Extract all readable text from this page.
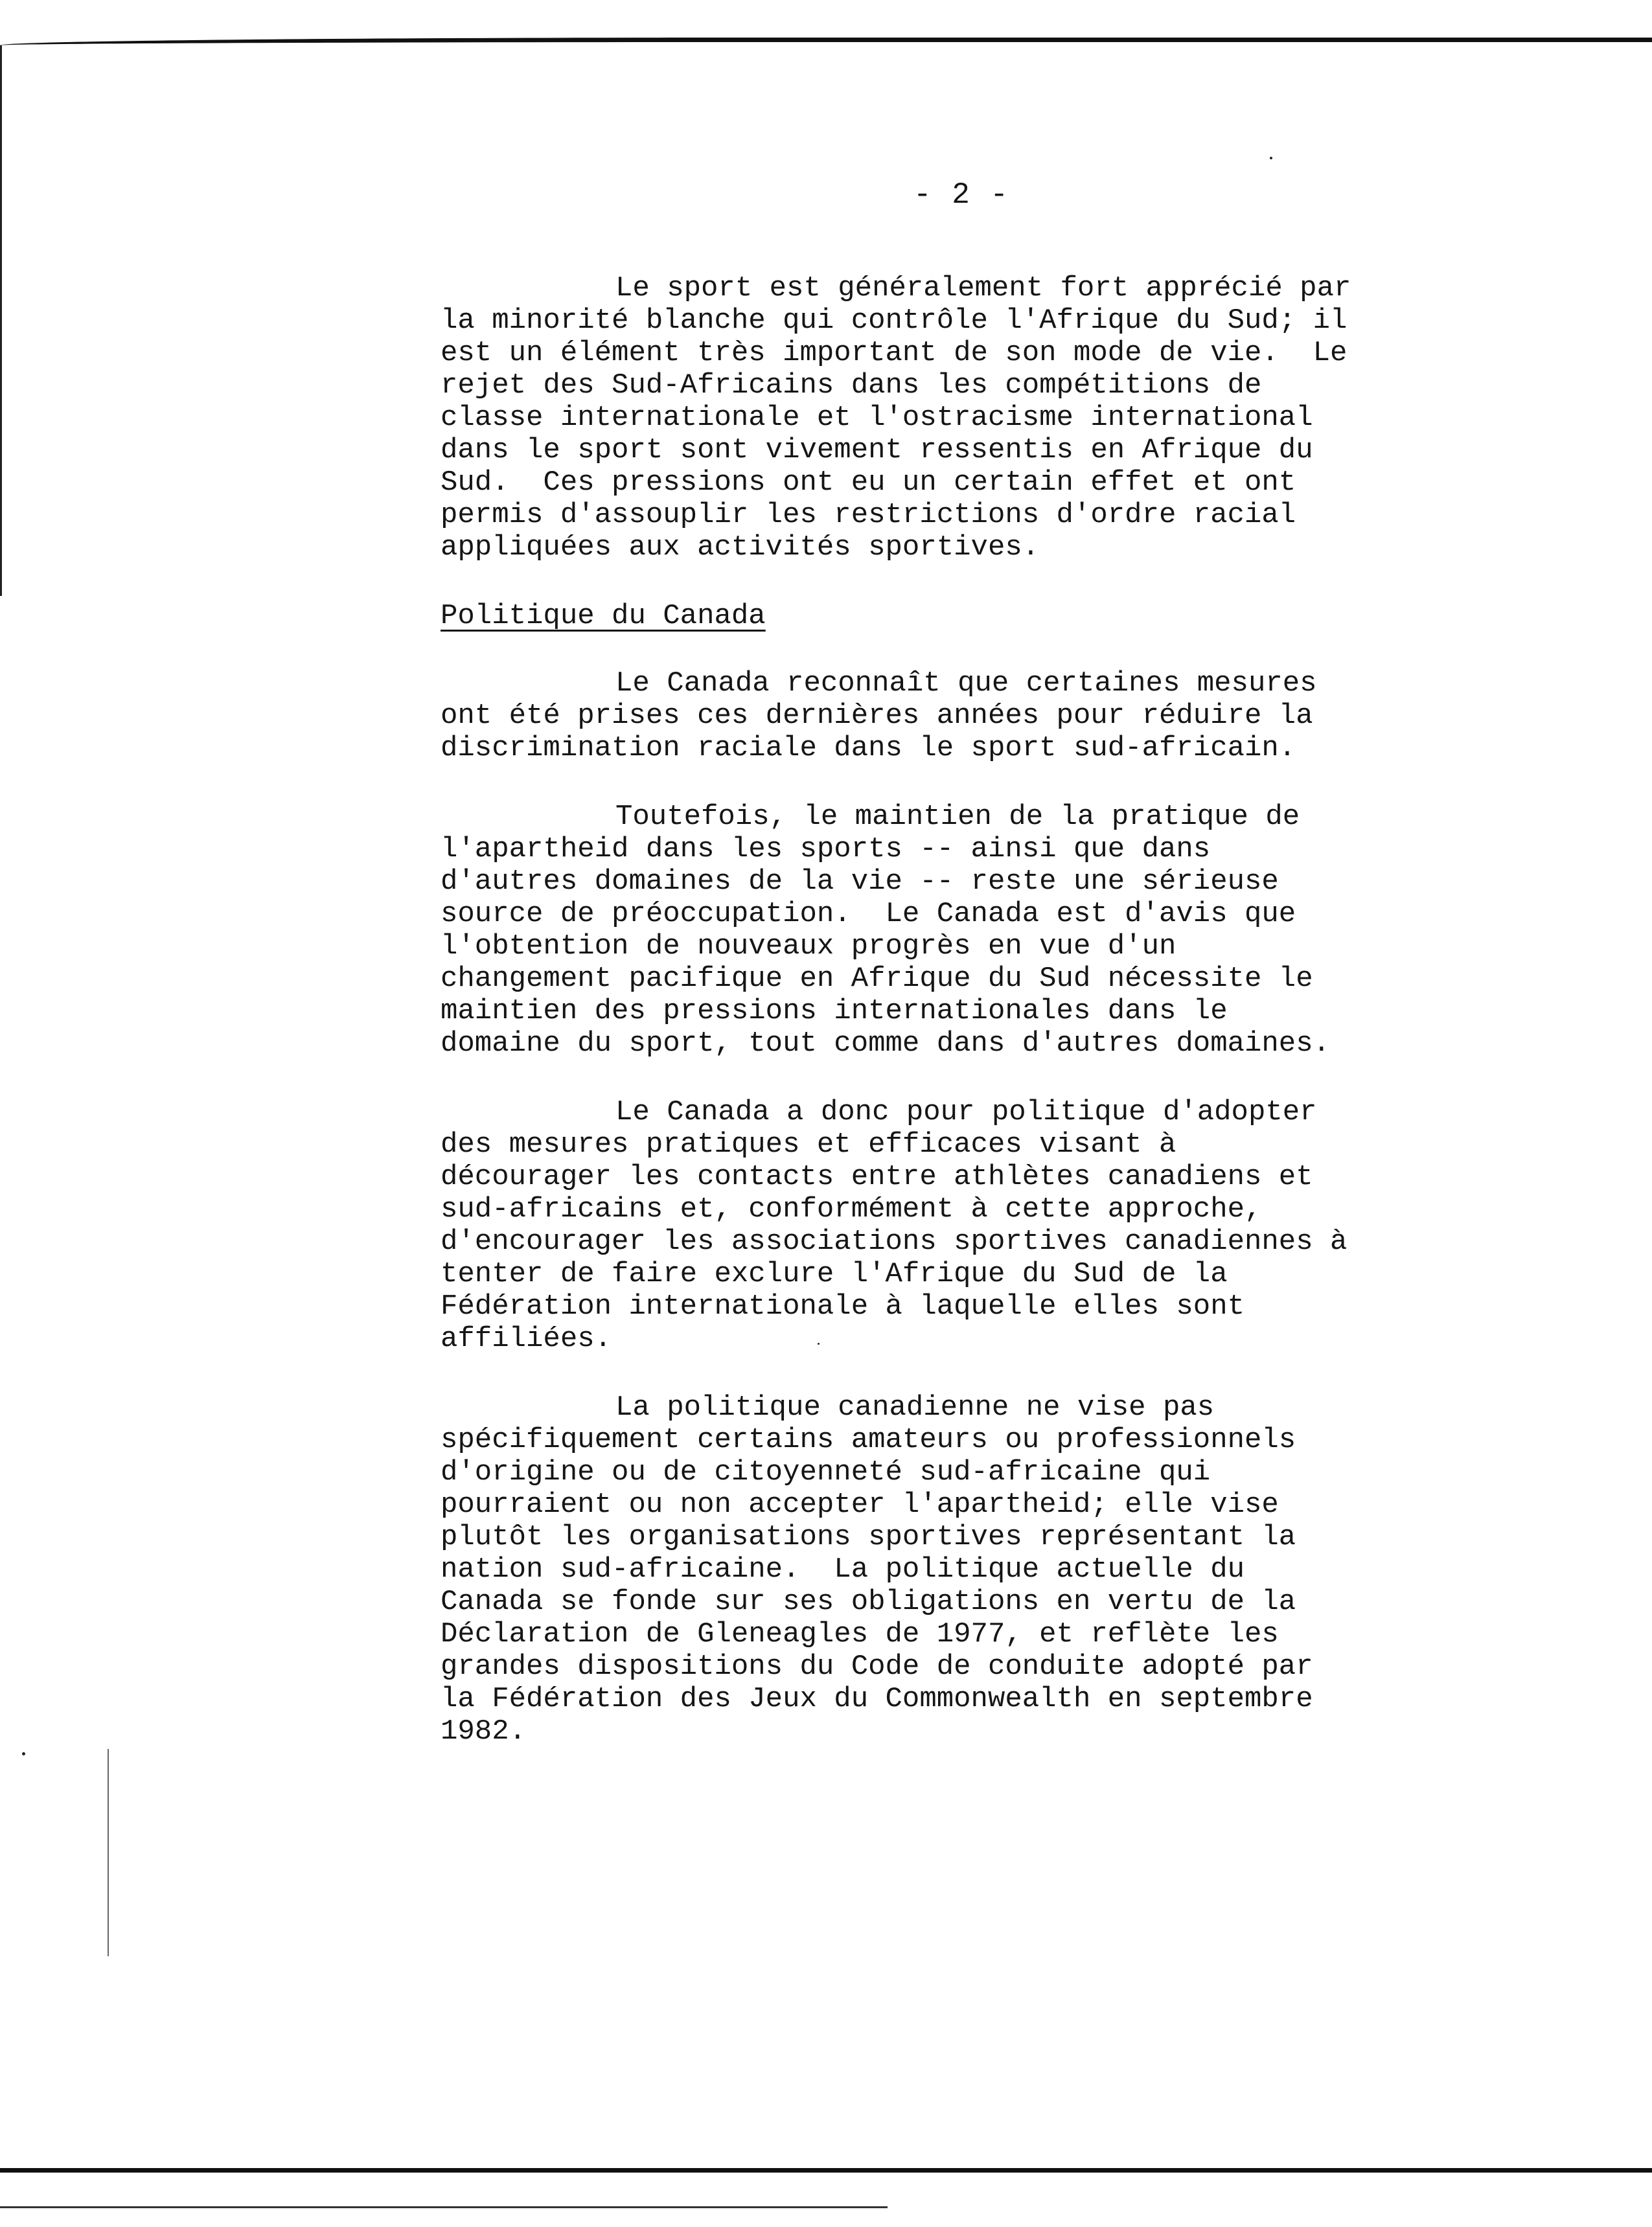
- 2 -
Le sport est généralement fort apprécié par
la minorité blanche qui contrôle l'Afrique du Sud; il
est un élément très important de son mode de vie.  Le
rejet des Sud-Africains dans les compétitions de
classe internationale et l'ostracisme international
dans le sport sont vivement ressentis en Afrique du
Sud.  Ces pressions ont eu un certain effet et ont
permis d'assouplir les restrictions d'ordre racial
appliquées aux activités sportives.
Politique du Canada
Le Canada reconnaît que certaines mesures
ont été prises ces dernières années pour réduire la
discrimination raciale dans le sport sud-africain.
Toutefois, le maintien de la pratique de
l'apartheid dans les sports -- ainsi que dans
d'autres domaines de la vie -- reste une sérieuse
source de préoccupation.  Le Canada est d'avis que
l'obtention de nouveaux progrès en vue d'un
changement pacifique en Afrique du Sud nécessite le
maintien des pressions internationales dans le
domaine du sport, tout comme dans d'autres domaines.
Le Canada a donc pour politique d'adopter
des mesures pratiques et efficaces visant à
décourager les contacts entre athlètes canadiens et
sud-africains et, conformément à cette approche,
d'encourager les associations sportives canadiennes à
tenter de faire exclure l'Afrique du Sud de la
Fédération internationale à laquelle elles sont
affiliées.
La politique canadienne ne vise pas
spécifiquement certains amateurs ou professionnels
d'origine ou de citoyenneté sud-africaine qui
pourraient ou non accepter l'apartheid; elle vise
plutôt les organisations sportives représentant la
nation sud-africaine.  La politique actuelle du
Canada se fonde sur ses obligations en vertu de la
Déclaration de Gleneagles de 1977, et reflète les
grandes dispositions du Code de conduite adopté par
la Fédération des Jeux du Commonwealth en septembre
1982.
